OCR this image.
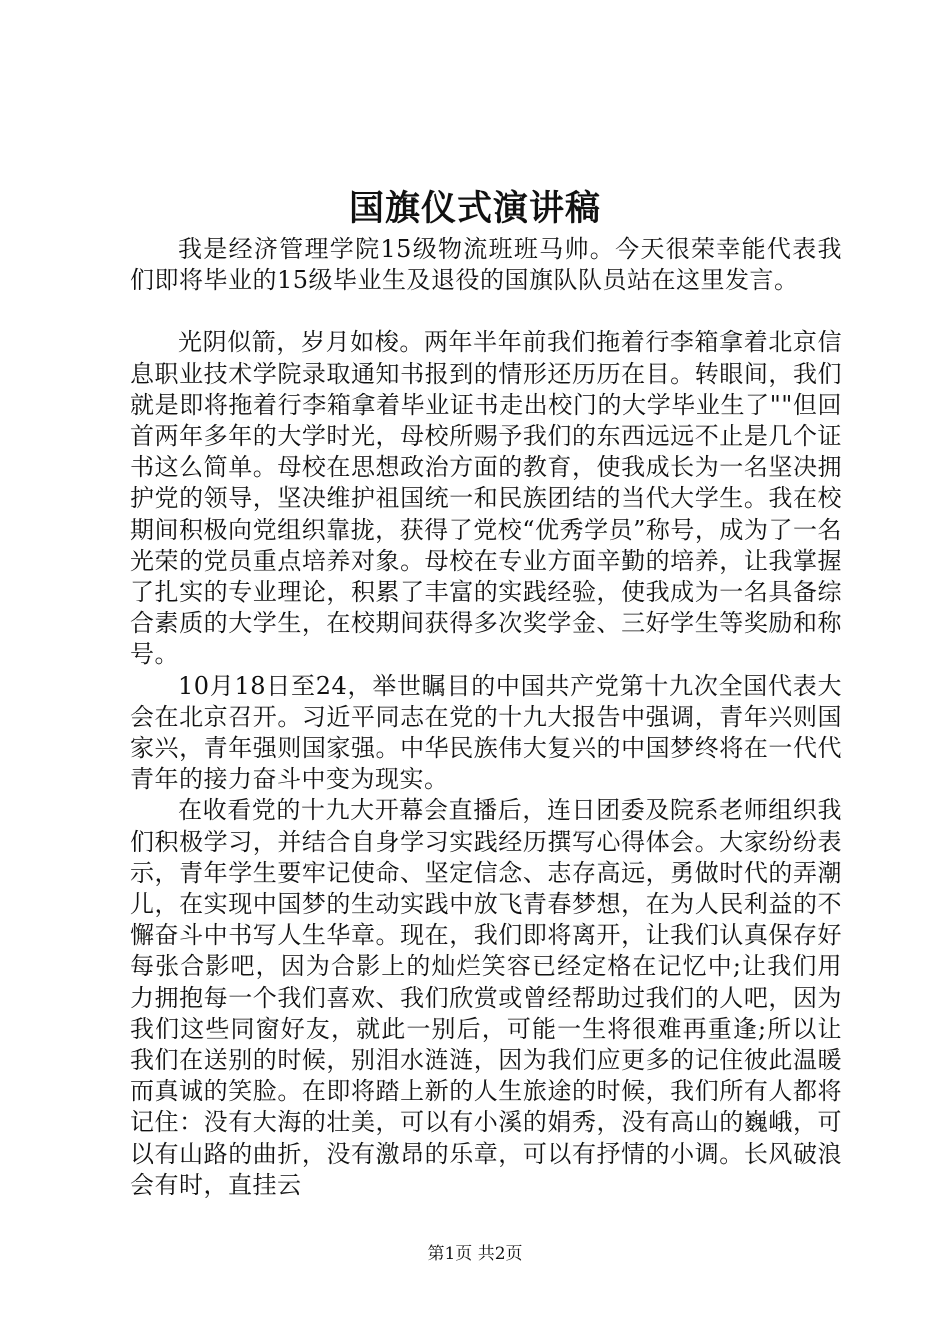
国旗仪式演讲稿

我是经济管理学院15级物流班班马帅。今天很荣幸能代表我们即将毕业的15级毕业生及退役的国旗队队员站在这里发言。

光阴似箭，岁月如梭。两年半年前我们拖着行李箱拿着北京信息职业技术学院录取通知书报到的情形还历历在目。转眼间，我们就是即将拖着行李箱拿着毕业证书走出校门的大学毕业生了""但回首两年多年的大学时光，母校所赐予我们的东西远远不止是几个证书这么简单。母校在思想政治方面的教育，使我成长为一名坚决拥护党的领导，坚决维护祖国统一和民族团结的当代大学生。我在校期间积极向党组织靠拢，获得了党校“优秀学员”称号，成为了一名光荣的党员重点培养对象。母校在专业方面辛勤的培养，让我掌握了扎实的专业理论，积累了丰富的实践经验，使我成为一名具备综合素质的大学生，在校期间获得多次奖学金、三好学生等奖励和称号。

10月18日至24，举世瞩目的中国共产党第十九次全国代表大会在北京召开。习近平同志在党的十九大报告中强调，青年兴则国家兴，青年强则国家强。中华民族伟大复兴的中国梦终将在一代代青年的接力奋斗中变为现实。

在收看党的十九大开幕会直播后，连日团委及院系老师组织我们积极学习，并结合自身学习实践经历撰写心得体会。大家纷纷表示，青年学生要牢记使命、坚定信念、志存高远，勇做时代的弄潮儿，在实现中国梦的生动实践中放飞青春梦想，在为人民利益的不懈奋斗中书写人生华章。现在，我们即将离开，让我们认真保存好每张合影吧，因为合影上的灿烂笑容已经定格在记忆中;让我们用力拥抱每一个我们喜欢、我们欣赏或曾经帮助过我们的人吧，因为我们这些同窗好友，就此一别后，可能一生将很难再重逢;所以让我们在送别的时候，别泪水涟涟，因为我们应更多的记住彼此温暖而真诚的笑脸。在即将踏上新的人生旅途的时候，我们所有人都将记住：没有大海的壮美，可以有小溪的娟秀，没有高山的巍峨，可以有山路的曲折，没有激昂的乐章，可以有抒情的小调。长风破浪会有时，直挂云

第1页 共2页
